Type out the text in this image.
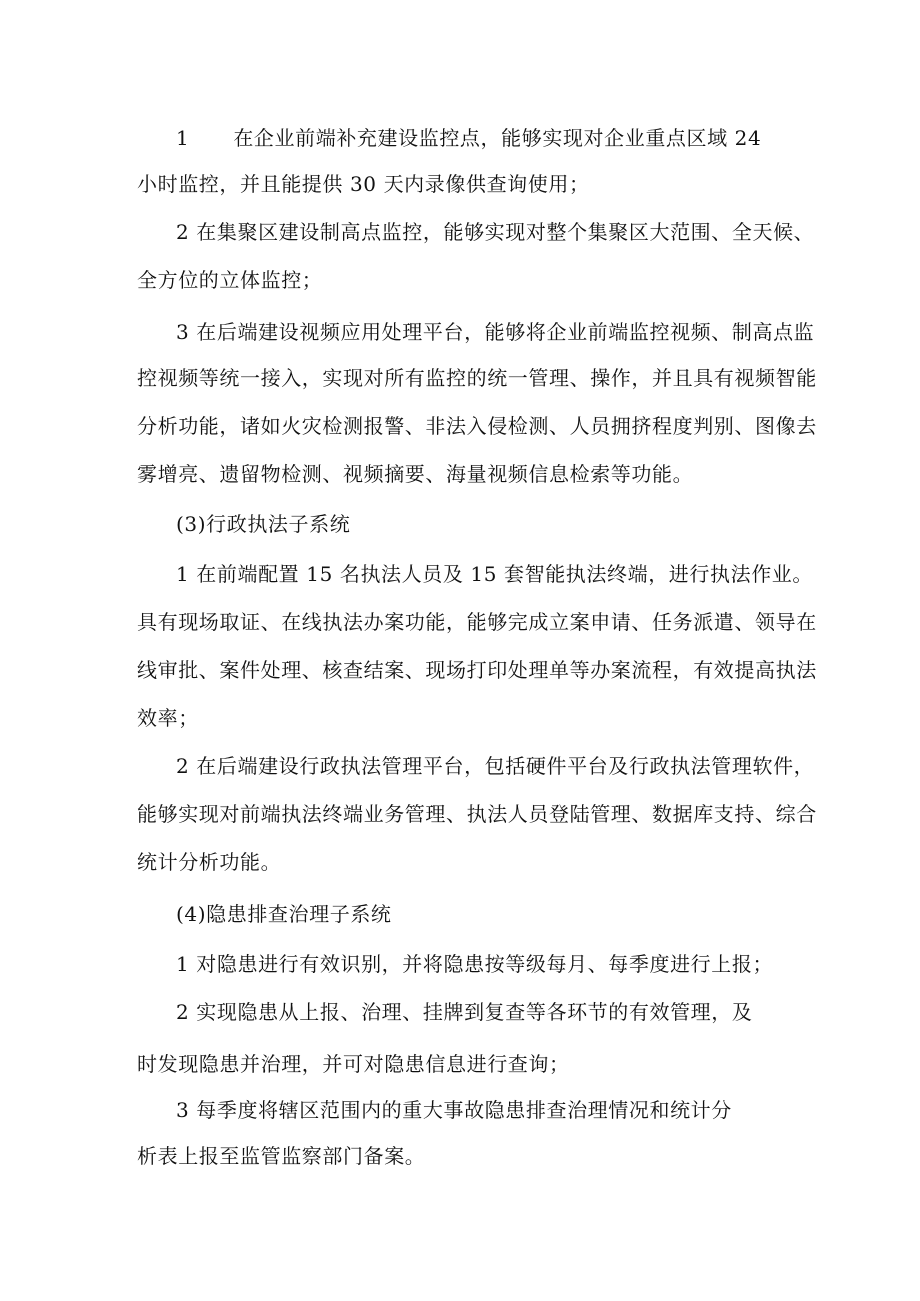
1 在企业前端补充建设监控点，能够实现对企业重点区域 24
小时监控，并且能提供 30 天内录像供查询使用；
2 在集聚区建设制高点监控，能够实现对整个集聚区大范围、全天候、
全方位的立体监控；
3 在后端建设视频应用处理平台，能够将企业前端监控视频、制高点监
控视频等统一接入，实现对所有监控的统一管理、操作，并且具有视频智能
分析功能，诸如火灾检测报警、非法入侵检测、人员拥挤程度判别、图像去
雾增亮、遗留物检测、视频摘要、海量视频信息检索等功能。
(3)行政执法子系统
1 在前端配置 15 名执法人员及 15 套智能执法终端，进行执法作业。
具有现场取证、在线执法办案功能，能够完成立案申请、任务派遣、领导在
线审批、案件处理、核查结案、现场打印处理单等办案流程，有效提高执法
效率；
2 在后端建设行政执法管理平台，包括硬件平台及行政执法管理软件，
能够实现对前端执法终端业务管理、执法人员登陆管理、数据库支持、综合
统计分析功能。
(4)隐患排查治理子系统
1 对隐患进行有效识别，并将隐患按等级每月、每季度进行上报；
2 实现隐患从上报、治理、挂牌到复查等各环节的有效管理，及
时发现隐患并治理，并可对隐患信息进行查询；
3 每季度将辖区范围内的重大事故隐患排查治理情况和统计分
析表上报至监管监察部门备案。
